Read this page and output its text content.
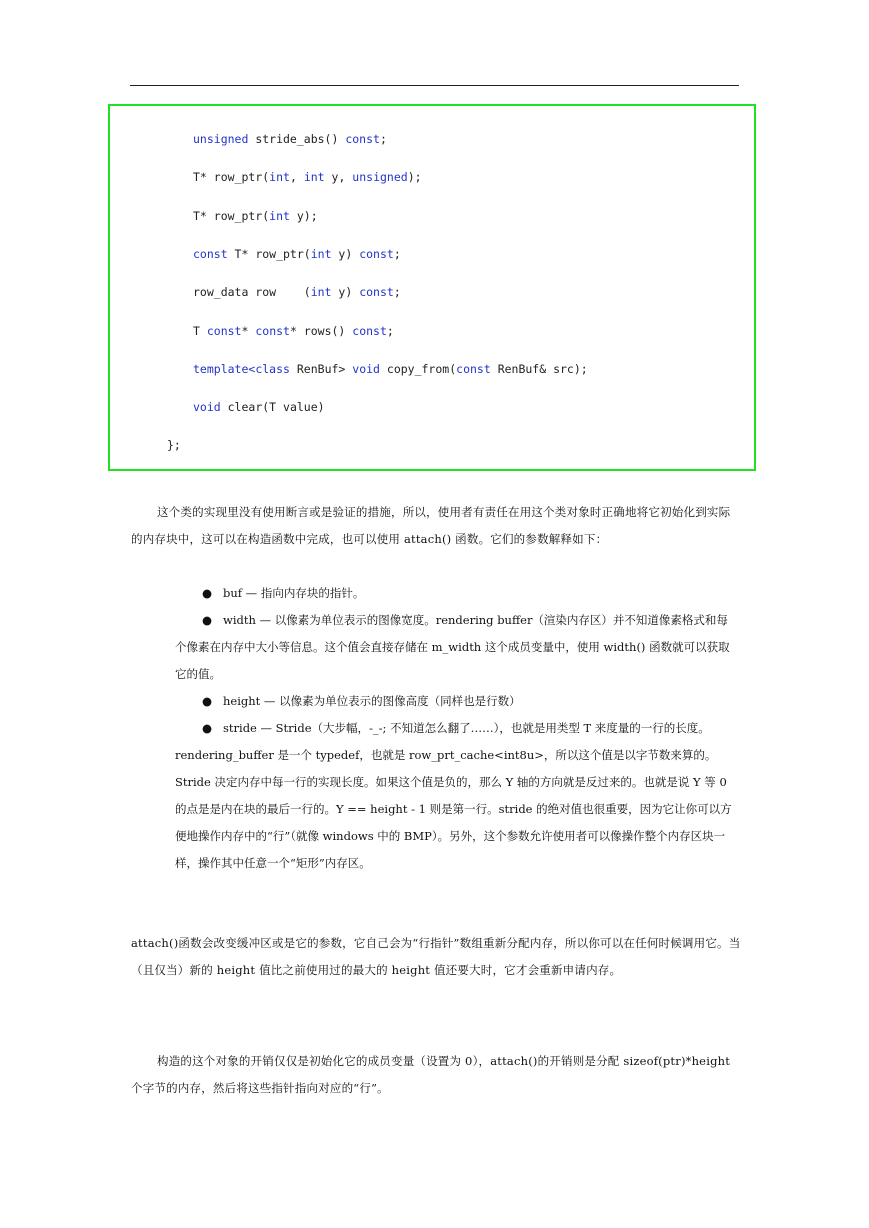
unsigned stride_abs() const;
T* row_ptr(int, int y, unsigned);
T* row_ptr(int y);
const T* row_ptr(int y) const;
row_data row    (int y) const;
T const* const* rows() const;
template<class RenBuf> void copy_from(const RenBuf& src);
void clear(T value)
};
这个类的实现里没有使用断言或是验证的措施，所以，使用者有责任在用这个类对象时正确地将它初始化到实际的内存块中，这可以在构造函数中完成，也可以使用 attach() 函数。它们的参数解释如下：
● buf — 指向内存块的指针。
● width — 以像素为单位表示的图像宽度。rendering buffer（渲染内存区）并不知道像素格式和每个像素在内存中大小等信息。这个值会直接存储在 m_width 这个成员变量中，使用 width() 函数就可以获取它的值。
● height — 以像素为单位表示的图像高度（同样也是行数）
● stride — Stride（大步幅，-_-; 不知道怎么翻了……），也就是用类型 T 来度量的一行的长度。 rendering_buffer 是一个 typedef，也就是 row_prt_cache<int8u>，所以这个值是以字节数来算的。Stride 决定内存中每一行的实现长度。如果这个值是负的，那么 Y 轴的方向就是反过来的。也就是说 Y 等 0 的点是是内在块的最后一行的。Y == height - 1 则是第一行。stride 的绝对值也很重要，因为它让你可以方便地操作内存中的“行”（就像 windows 中的 BMP）。另外，这个参数允许使用者可以像操作整个内存区块一样，操作其中任意一个“矩形”内存区。
attach()函数会改变缓冲区或是它的参数，它自己会为“行指针”数组重新分配内存，所以你可以在任何时候调用它。当（且仅当）新的 height 值比之前使用过的最大的 height 值还要大时，它才会重新申请内存。
构造的这个对象的开销仅仅是初始化它的成员变量（设置为 0），attach()的开销则是分配 sizeof(ptr)*height 个字节的内存，然后将这些指针指向对应的“行”。
